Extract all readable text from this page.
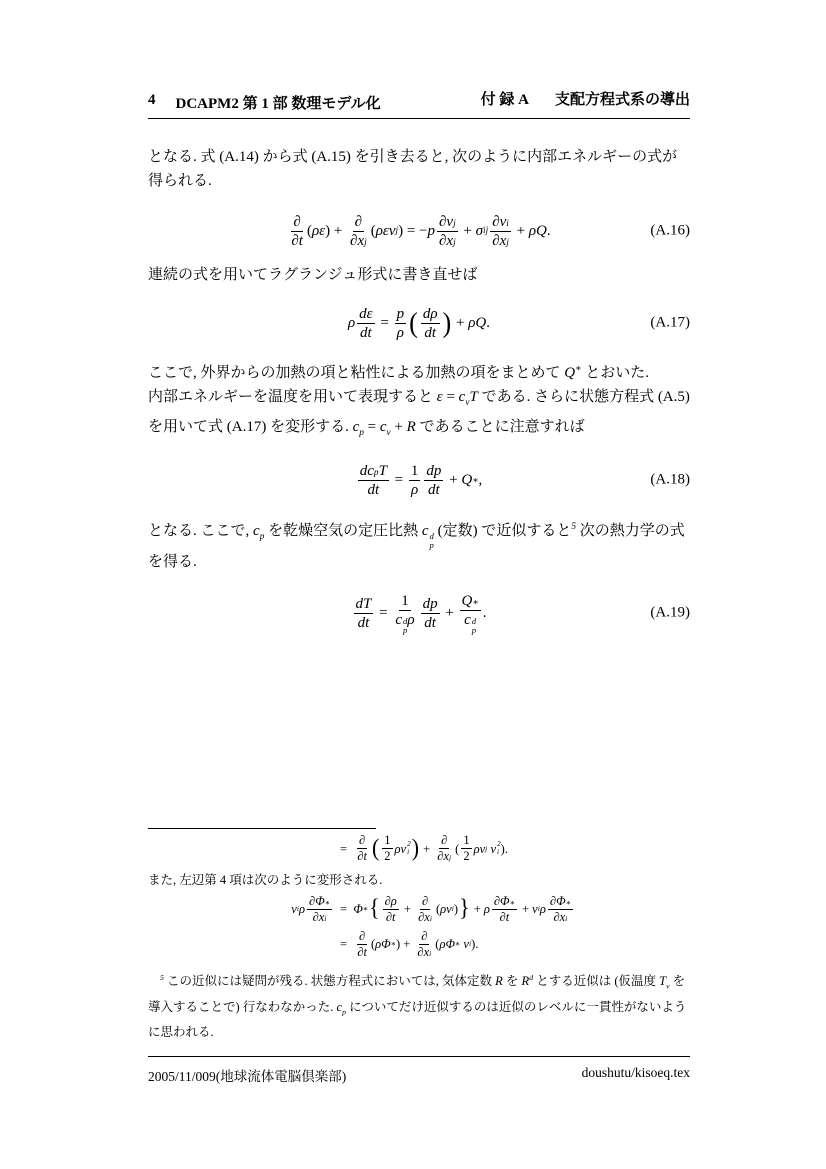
4 DCAPM2 第 1 部 数理モデル化	付 録 A 支配方程式系の導出

となる. 式 (A.14) から式 (A.15) を引き去ると, 次のように内部エネルギーの式が得られる.

$\frac{\partial}{\partial t}$ ( ρε ) + $\frac{\partial}{\text{∂x j}}$ ( ρεv j ) = − p $\frac{\text{∂v j}}{\text{∂x j}} + \sigma$ ij $\frac{\text{∂v i}}{\text{∂x j}} + \rho Q$ .	(A.16)

連続の式を用いてラグランジュ形式に書き直せば

ρ $\frac{d\varepsilon}{dt} = \frac{p}{\rho}$ ( $\frac{d\rho}{dt}$ ) + ρQ .	(A.17)

ここで, 外界からの加熱の項と粘性による加熱の項をまとめて Q∗ とおいた.

内部エネルギーを温度を用いて表現すると $\varepsilon = c_vT$ である. さらに状態方程式 (A.5) を用いて式 (A.17) を変形する. $c_p = c_v + R$ であることに注意すれば

$\frac{\text{dc p T}}{dt} = \frac{1}{\rho} \frac{dp}{dt} + Q$ ∗ ,	(A.18)

となる. ここで, $c_p$ を乾燥空気の定圧比熱 c d
p
(定数) で近似すると$^5$ 次の熱力学の式を得る.

$\frac{dT}{dt} = 1$
c d
p
ρ $\frac{dp}{dt} + Q$ ∗
c d
p .	(A.19)
= $\frac{\partial}{\partial t}$ ( $\frac{1}{2}$ ρv 2
i ) + $\frac{\partial}{\text{∂x j}}$ ( $\frac{1}{2}$ ρv j v 2
i ).

また, 左辺第 4 項は次のように変形される.

v i ρ $\frac{\partial\Phi ∗}{\text{∂x i}} = \Phi$ ∗ { $\frac{\partial\rho}{\partial t} + \frac{\partial}{\text{∂x i}}$ ( ρv i ) } + ρ $\frac{\partial\Phi ∗}{\partial t} + v$ i ρ $\frac{\partial\Phi ∗}{\text{∂x i}}$
= $\frac{\partial}{\partial t}$ ( ρΦ ∗ ) + $\frac{\partial}{\text{∂x i}}$ ( ρΦ ∗ v i ).

$^5$ この近似には疑問が残る. 状態方程式においては, 気体定数 R を $R^d$ とする近似は (仮温度 $T_v$ を導入することで) 行なわなかった. $c_p$ についてだけ近似するのは近似のレベルに一貫性がないように思われる.

2005/11/009(地球流体電脳倶楽部)	doushutu/kisoeq.tex
